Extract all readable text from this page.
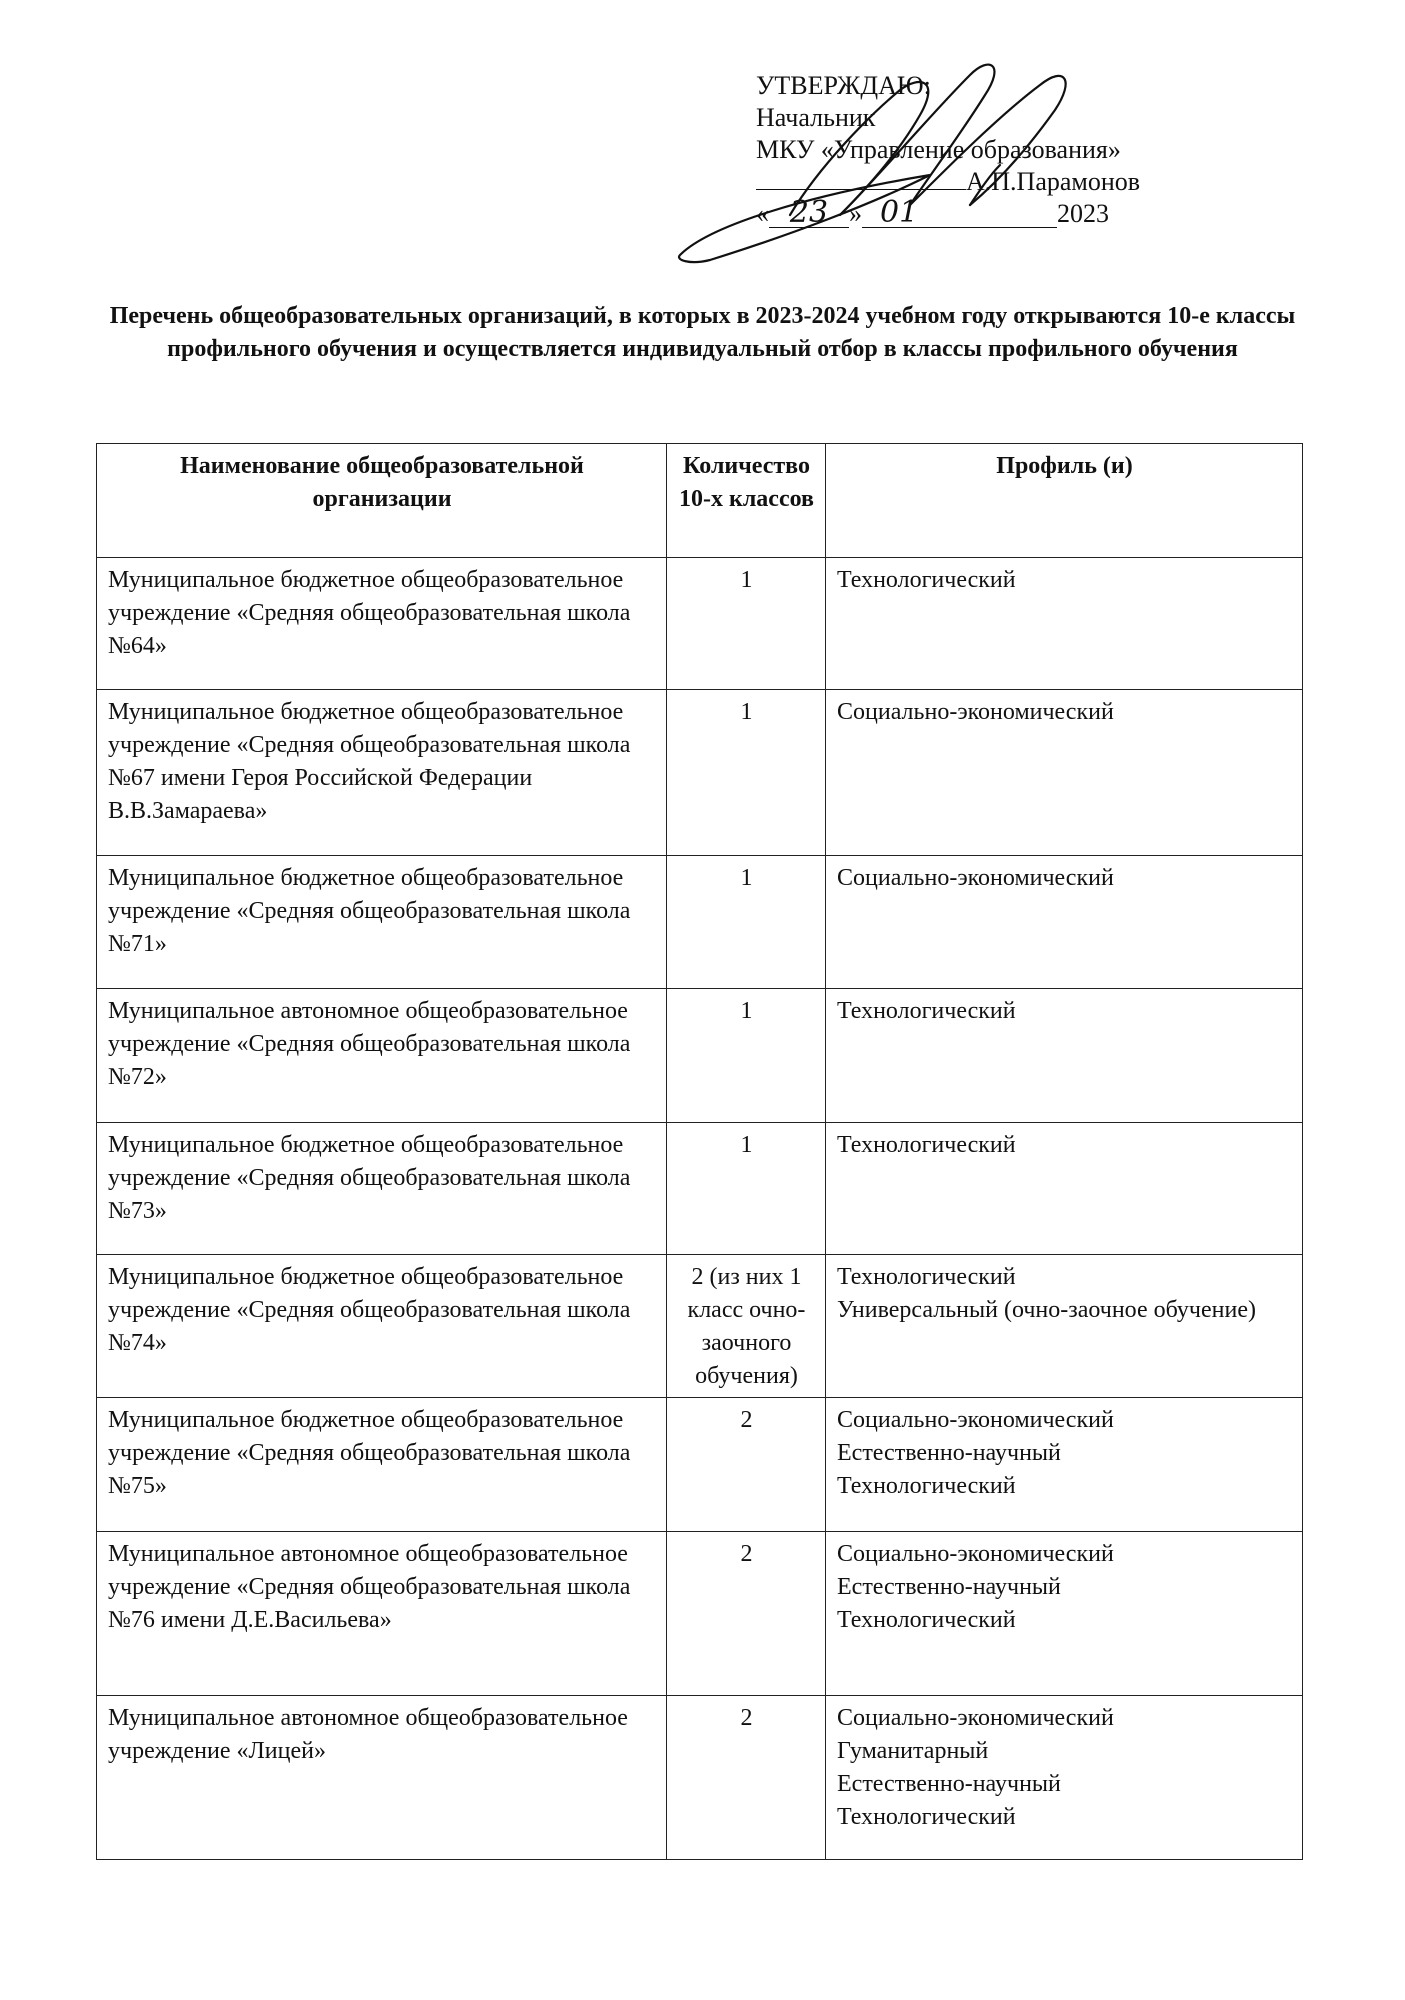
УТВЕРЖДАЮ:
Начальник
МКУ «Управление образования»
А.П.Парамонов
« 23 » 01	2023
Перечень общеобразовательных организаций, в которых в 2023-2024 учебном году открываются 10-е классы профильного обучения и осуществляется индивидуальный отбор в классы профильного обучения
Наименование общеобразовательной организации	Количество 10-х классов	Профиль (и)
Муниципальное бюджетное общеобразовательное учреждение «Средняя общеобразовательная школа №64»	1	Технологический

Муниципальное бюджетное общеобразовательное учреждение «Средняя общеобразовательная школа №67 имени Героя Российской Федерации В.В.Замараева»	1	Социально-экономический

Муниципальное бюджетное общеобразовательное учреждение «Средняя общеобразовательная школа №71»	1	Социально-экономический

Муниципальное автономное общеобразовательное учреждение «Средняя общеобразовательная школа №72»	1	Технологический

Муниципальное бюджетное общеобразовательное учреждение «Средняя общеобразовательная школа №73»	1	Технологический

Муниципальное бюджетное общеобразовательное учреждение «Средняя общеобразовательная школа №74»	2 (из них 1 класс очно-заочного обучения)	Технологический
Универсальный (очно-заочное обучение)

Муниципальное бюджетное общеобразовательное учреждение «Средняя общеобразовательная школа №75»	2	Социально-экономический
Естественно-научный
Технологический

Муниципальное автономное общеобразовательное учреждение «Средняя общеобразовательная школа №76 имени Д.Е.Васильева»	2	Социально-экономический
Естественно-научный
Технологический

Муниципальное автономное общеобразовательное учреждение «Лицей»	2	Социально-экономический
Гуманитарный
Естественно-научный
Технологический
